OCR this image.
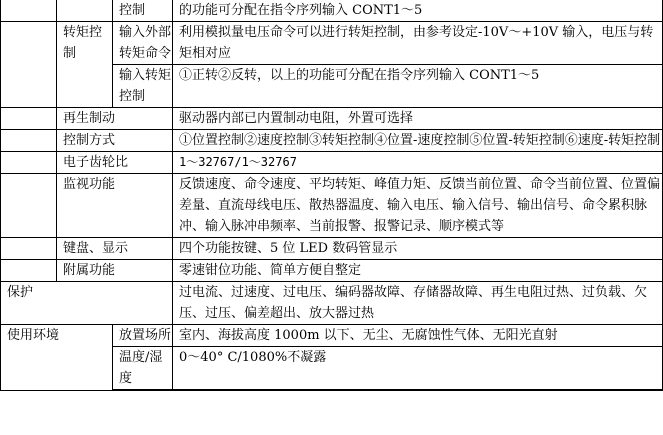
		控制	的功能可分配在指令序列输入 CONT1～5
	转矩控制	输入外部转矩命令	利用模拟量电压命令可以进行转矩控制，由参考设定-10V～+10V 输入，电压与转矩相对应
		输入转矩控制	①正转②反转，以上的功能可分配在指令序列输入 CONT1～5
	再生制动		驱动器内部已内置制动电阻，外置可选择
	控制方式		①位置控制②速度控制③转矩控制④位置-速度控制⑤位置-转矩控制⑥速度-转矩控制
	电子齿轮比		1～32767/1～32767
	监视功能		反馈速度、命令速度、平均转矩、峰值力矩、反馈当前位置、命令当前位置、位置偏差量、直流母线电压、散热器温度、输入电压、输入信号、输出信号、命令累积脉冲、输入脉冲串频率、当前报警、报警记录、顺序模式等
	键盘、显示		四个功能按键、5 位 LED 数码管显示
	附属功能		零速钳位功能、简单方便自整定
保护			过电流、过速度、过电压、编码器故障、存储器故障、再生电阻过热、过负载、欠压、过压、偏差超出、放大器过热
使用环境		放置场所	室内、海拔高度 1000m 以下、无尘、无腐蚀性气体、无阳光直射
		温度/湿度	0～40° C/1080%不凝露
